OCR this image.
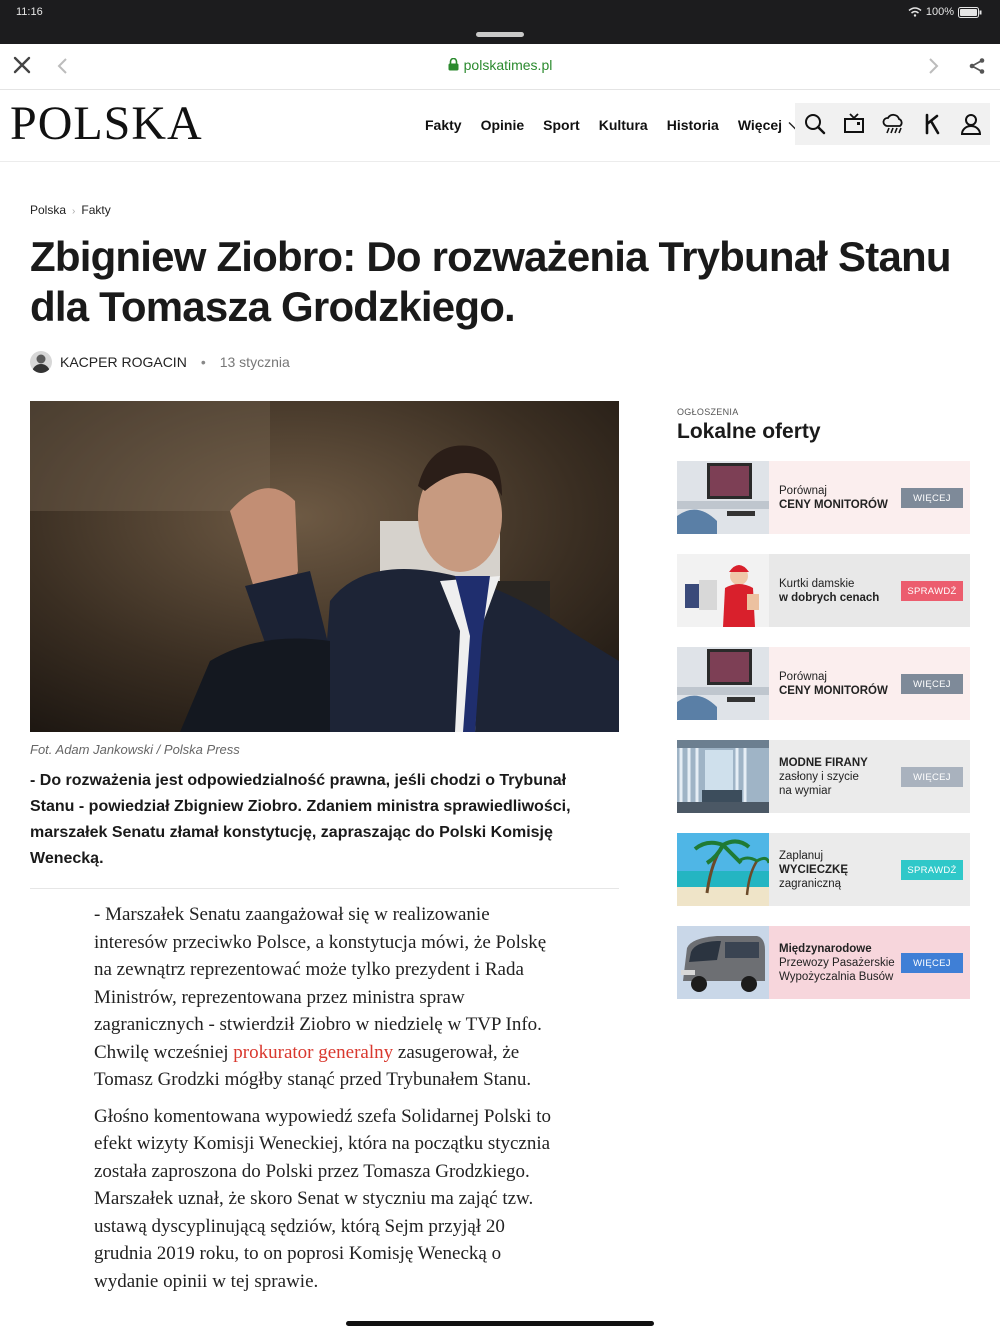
11:16	100%
polskatimes.pl
POLSKA	Fakty Opinie Sport Kultura Historia Więcej
Polska › Fakty
Zbigniew Ziobro: Do rozważenia Trybunał Stanu dla Tomasza Grodzkiego.
KACPER ROGACIN • 13 stycznia
Fot. Adam Jankowski / Polska Press

- Do rozważenia jest odpowiedzialność prawna, jeśli chodzi o Trybunał Stanu - powiedział Zbigniew Ziobro. Zdaniem ministra sprawiedliwości, marszałek Senatu złamał konstytucję, zapraszając do Polski Komisję Wenecką.

- Marszałek Senatu zaangażował się w realizowanie interesów przeciwko Polsce, a konstytucja mówi, że Polskę na zewnątrz reprezentować może tylko prezydent i Rada Ministrów, reprezentowana przez ministra spraw zagranicznych - stwierdził Ziobro w niedzielę w TVP Info. Chwilę wcześniej prokurator generalny zasugerował, że Tomasz Grodzki mógłby stanąć przed Trybunałem Stanu.

Głośno komentowana wypowiedź szefa Solidarnej Polski to efekt wizyty Komisji Weneckiej, która na początku stycznia została zaproszona do Polski przez Tomasza Grodzkiego. Marszałek uznał, że skoro Senat w styczniu ma zająć tzw. ustawą dyscyplinującą sędziów, którą Sejm przyjął 20 grudnia 2019 roku, to on poprosi Komisję Wenecką o wydanie opinii w tej sprawie.

OGŁOSZENIA
Lokalne oferty
Porównaj
CENY MONITORÓW
WIĘCEJ
Kurtki damskie
w dobrych cenach
SPRAWDŹ
Porównaj
CENY MONITORÓW
WIĘCEJ
MODNE FIRANY
zasłony i szycie
na wymiar
WIĘCEJ
Zaplanuj
WYCIECZKĘ
zagraniczną
SPRAWDŹ
Międzynarodowe
Przewozy Pasażerskie
Wypożyczalnia Busów
WIĘCEJ
